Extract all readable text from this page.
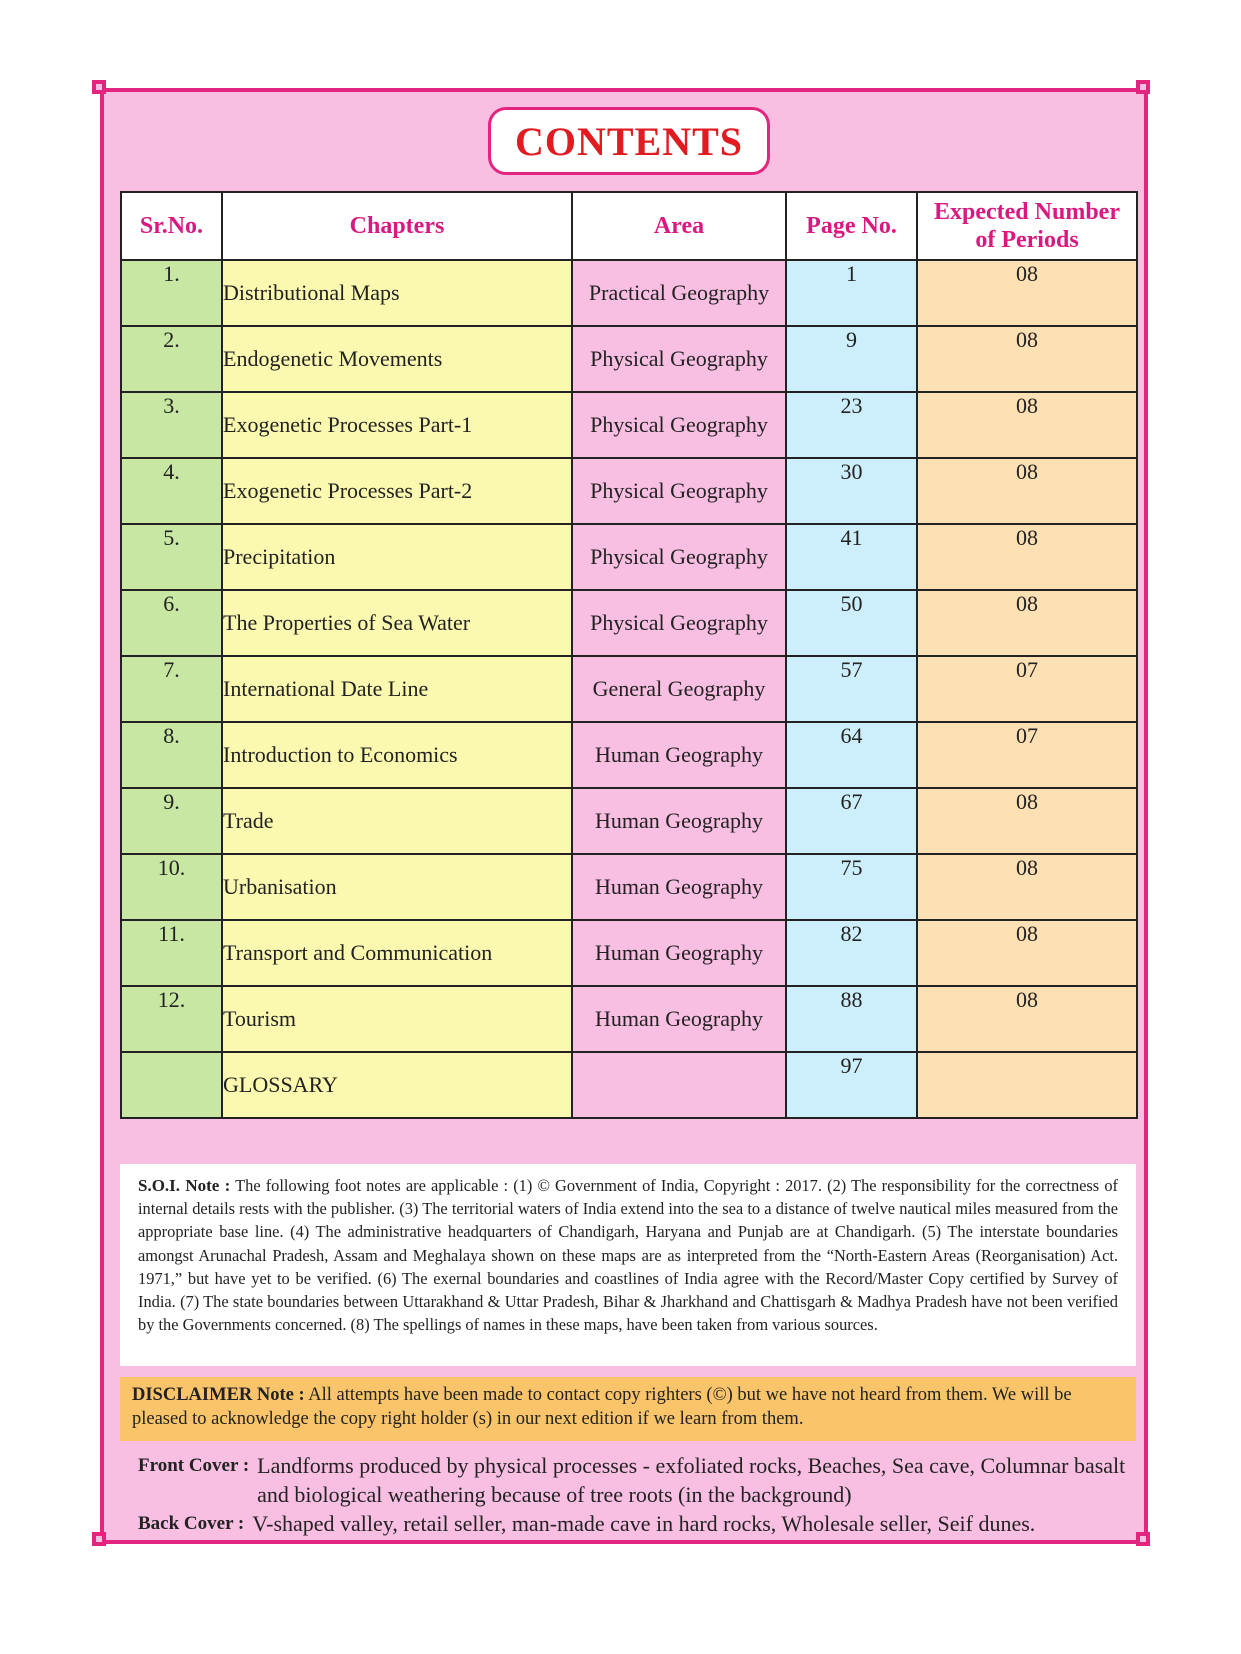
CONTENTS
Sr.No.	Chapters	Area	Page No.	Expected Number
of Periods
1.	Distributional Maps	Practical Geography	1	08
2.	Endogenetic Movements	Physical Geography	9	08
3.	Exogenetic Processes Part-1	Physical Geography	23	08
4.	Exogenetic Processes Part-2	Physical Geography	30	08
5.	Precipitation	Physical Geography	41	08
6.	The Properties of Sea Water	Physical Geography	50	08
7.	International Date Line	General Geography	57	07
8.	Introduction to Economics	Human Geography	64	07
9.	Trade	Human Geography	67	08
10.	Urbanisation	Human Geography	75	08
11.	Transport and Communication	Human Geography	82	08
12.	Tourism	Human Geography	88	08
	GLOSSARY		97	
S.O.I. Note : The following foot notes are applicable : (1) © Government of India, Copyright : 2017. (2) The responsibility for the correctness of internal details rests with the publisher. (3) The territorial waters of India extend into the sea to a distance of twelve nautical miles measured from the appropriate base line. (4) The administrative headquarters of Chandigarh, Haryana and Punjab are at Chandigarh. (5) The interstate boundaries amongst Arunachal Pradesh, Assam and Meghalaya shown on these maps are as interpreted from the “North-Eastern Areas (Reorganisation) Act. 1971,” but have yet to be verified. (6) The exernal boundaries and coastlines of India agree with the Record/Master Copy certified by Survey of India. (7) The state boundaries between Uttarakhand & Uttar Pradesh, Bihar & Jharkhand and Chattisgarh & Madhya Pradesh have not been verified by the Governments concerned. (8) The spellings of names in these maps, have been taken from various sources.
DISCLAIMER Note : All attempts have been made to contact copy righters (©) but we have not heard from them. We will be pleased to acknowledge the copy right holder (s) in our next edition if we learn from them.
Front Cover : Landforms produced by physical processes - exfoliated rocks, Beaches, Sea cave, Columnar basalt and biological weathering because of tree roots (in the background)
Back Cover : V-shaped valley, retail seller, man-made cave in hard rocks, Wholesale seller, Seif dunes.
